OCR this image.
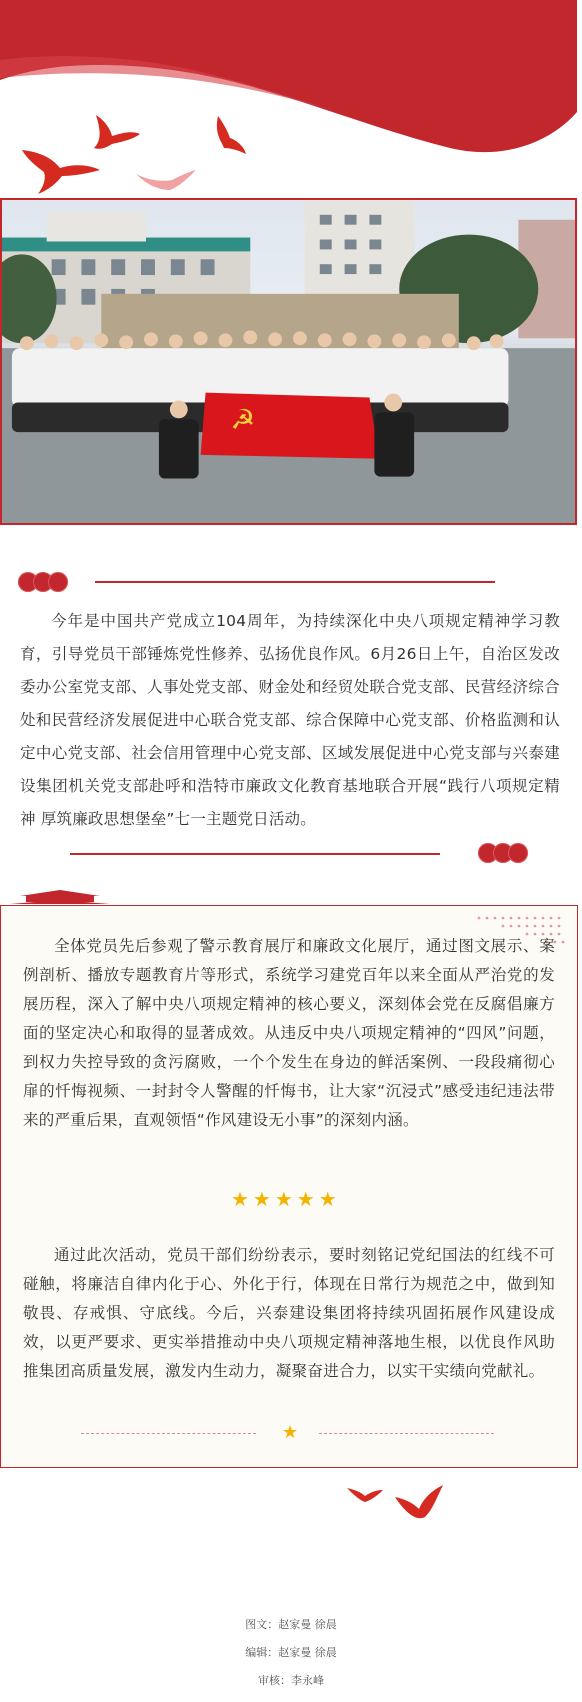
☭
今年是中国共产党成立104周年，为持续深化中央八项规定精神学习教育，引导党员干部锤炼党性修养、弘扬优良作风。6月26日上午，自治区发改委办公室党支部、人事处党支部、财金处和经贸处联合党支部、民营经济综合处和民营经济发展促进中心联合党支部、综合保障中心党支部、价格监测和认定中心党支部、社会信用管理中心党支部、区域发展促进中心党支部与兴泰建设集团机关党支部赴呼和浩特市廉政文化教育基地联合开展“践行八项规定精神 厚筑廉政思想堡垒”七一主题党日活动。
全体党员先后参观了警示教育展厅和廉政文化展厅，通过图文展示、案例剖析、播放专题教育片等形式，系统学习建党百年以来全面从严治党的发展历程，深入了解中央八项规定精神的核心要义，深刻体会党在反腐倡廉方面的坚定决心和取得的显著成效。从违反中央八项规定精神的“四风”问题，到权力失控导致的贪污腐败，一个个发生在身边的鲜活案例、一段段痛彻心扉的忏悔视频、一封封令人警醒的忏悔书，让大家“沉浸式”感受违纪违法带来的严重后果，直观领悟“作风建设无小事”的深刻内涵。
★★★★★
通过此次活动，党员干部们纷纷表示，要时刻铭记党纪国法的红线不可碰触，将廉洁自律内化于心、外化于行，体现在日常行为规范之中，做到知敬畏、存戒惧、守底线。今后，兴泰建设集团将持续巩固拓展作风建设成效，以更严要求、更实举措推动中央八项规定精神落地生根，以优良作风助推集团高质量发展，激发内生动力，凝聚奋进合力，以实干实绩向党献礼。
★
图文：赵家曼 徐晨
编辑：赵家曼 徐晨
审核：李永峰
